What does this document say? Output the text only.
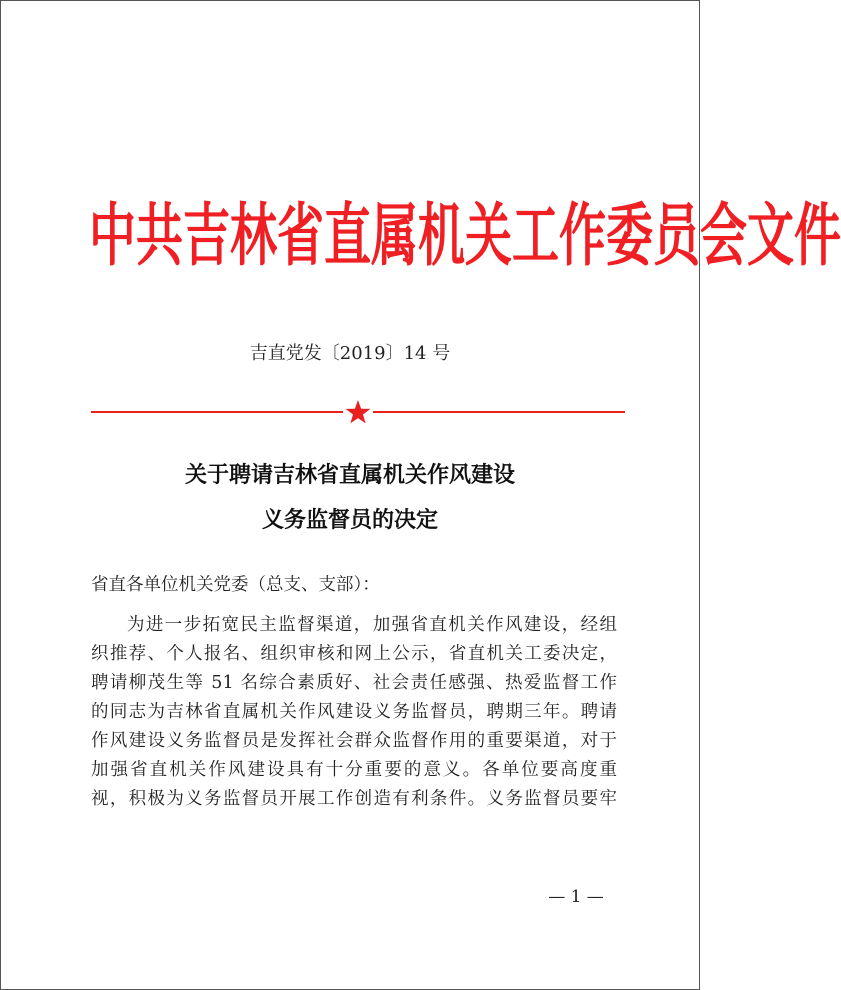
中共吉林省直属机关工作委员会文件
吉直党发〔2019〕14 号
关于聘请吉林省直属机关作风建设
义务监督员的决定
省直各单位机关党委（总支、支部）：
为进一步拓宽民主监督渠道，加强省直机关作风建设，经组
织推荐、个人报名、组织审核和网上公示，省直机关工委决定，
聘请柳茂生等 51 名综合素质好、社会责任感强、热爱监督工作
的同志为吉林省直属机关作风建设义务监督员，聘期三年。聘请
作风建设义务监督员是发挥社会群众监督作用的重要渠道，对于
加强省直机关作风建设具有十分重要的意义。各单位要高度重
视，积极为义务监督员开展工作创造有利条件。义务监督员要牢
— 1 —
